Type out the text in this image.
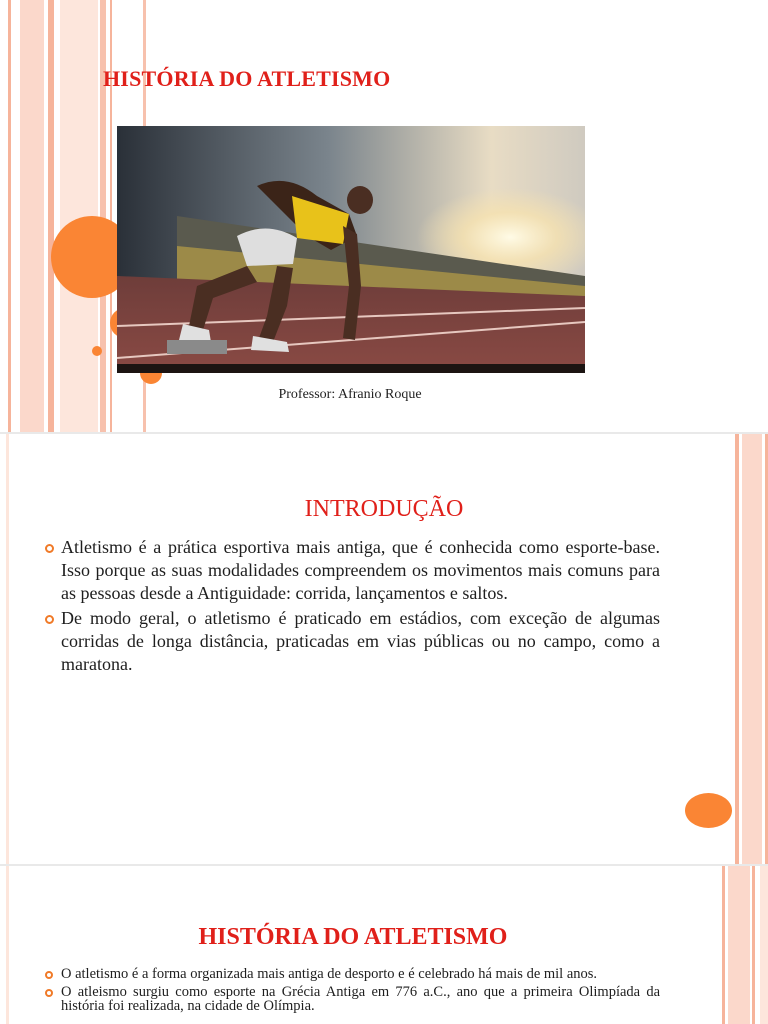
HISTÓRIA DO ATLETISMO
Professor: Afranio Roque
INTRODUÇÃO
Atletismo é a prática esportiva mais antiga, que é conhecida como esporte-base. Isso porque as suas modalidades compreendem os movimentos mais comuns para as pessoas desde a Antiguidade: corrida, lançamentos e saltos.
De modo geral, o atletismo é praticado em estádios, com exceção de algumas corridas de longa distância, praticadas em vias públicas ou no campo, como a maratona.
HISTÓRIA DO ATLETISMO
O atletismo é a forma organizada mais antiga de desporto e é celebrado há mais de mil anos.
O atleismo surgiu como esporte na Grécia Antiga em 776 a.C., ano que a primeira Olimpíada da história foi realizada, na cidade de Olímpia.
